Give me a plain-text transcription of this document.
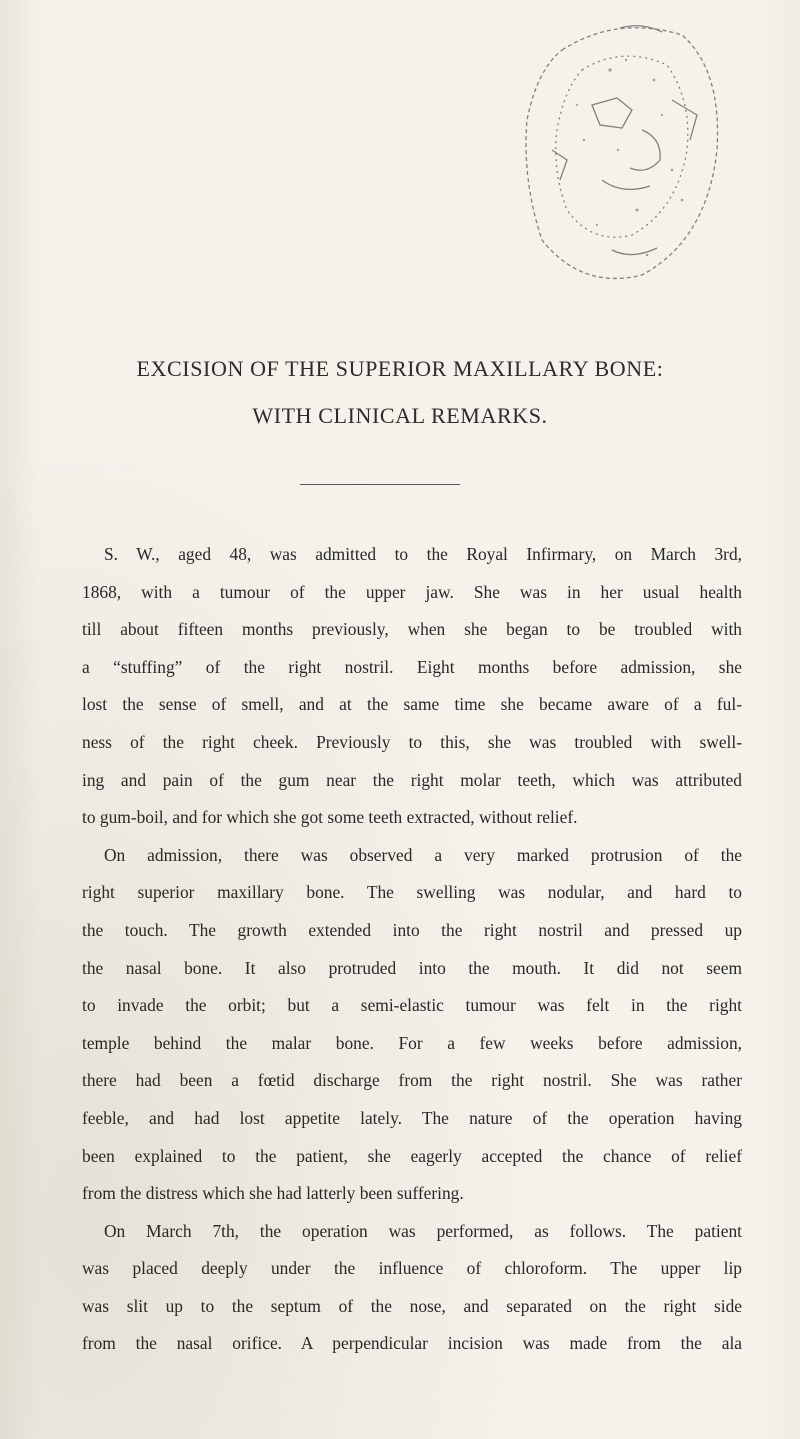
EXCISION OF THE SUPERIOR MAXILLARY BONE:
WITH CLINICAL REMARKS.
S. W., aged 48, was admitted to the Royal Infirmary, on March 3rd,
1868, with a tumour of the upper jaw. She was in her usual health
till about fifteen months previously, when she began to be troubled with
a “stuffing” of the right nostril. Eight months before admission, she
lost the sense of smell, and at the same time she became aware of a ful-
ness of the right cheek. Previously to this, she was troubled with swell-
ing and pain of the gum near the right molar teeth, which was attributed
to gum-boil, and for which she got some teeth extracted, without relief.
On admission, there was observed a very marked protrusion of the
right superior maxillary bone. The swelling was nodular, and hard to
the touch. The growth extended into the right nostril and pressed up
the nasal bone. It also protruded into the mouth. It did not seem
to invade the orbit; but a semi-elastic tumour was felt in the right
temple behind the malar bone. For a few weeks before admission,
there had been a fœtid discharge from the right nostril. She was rather
feeble, and had lost appetite lately. The nature of the operation having
been explained to the patient, she eagerly accepted the chance of relief
from the distress which she had latterly been suffering.
On March 7th, the operation was performed, as follows. The patient
was placed deeply under the influence of chloroform. The upper lip
was slit up to the septum of the nose, and separated on the right side
from the nasal orifice. A perpendicular incision was made from the ala
